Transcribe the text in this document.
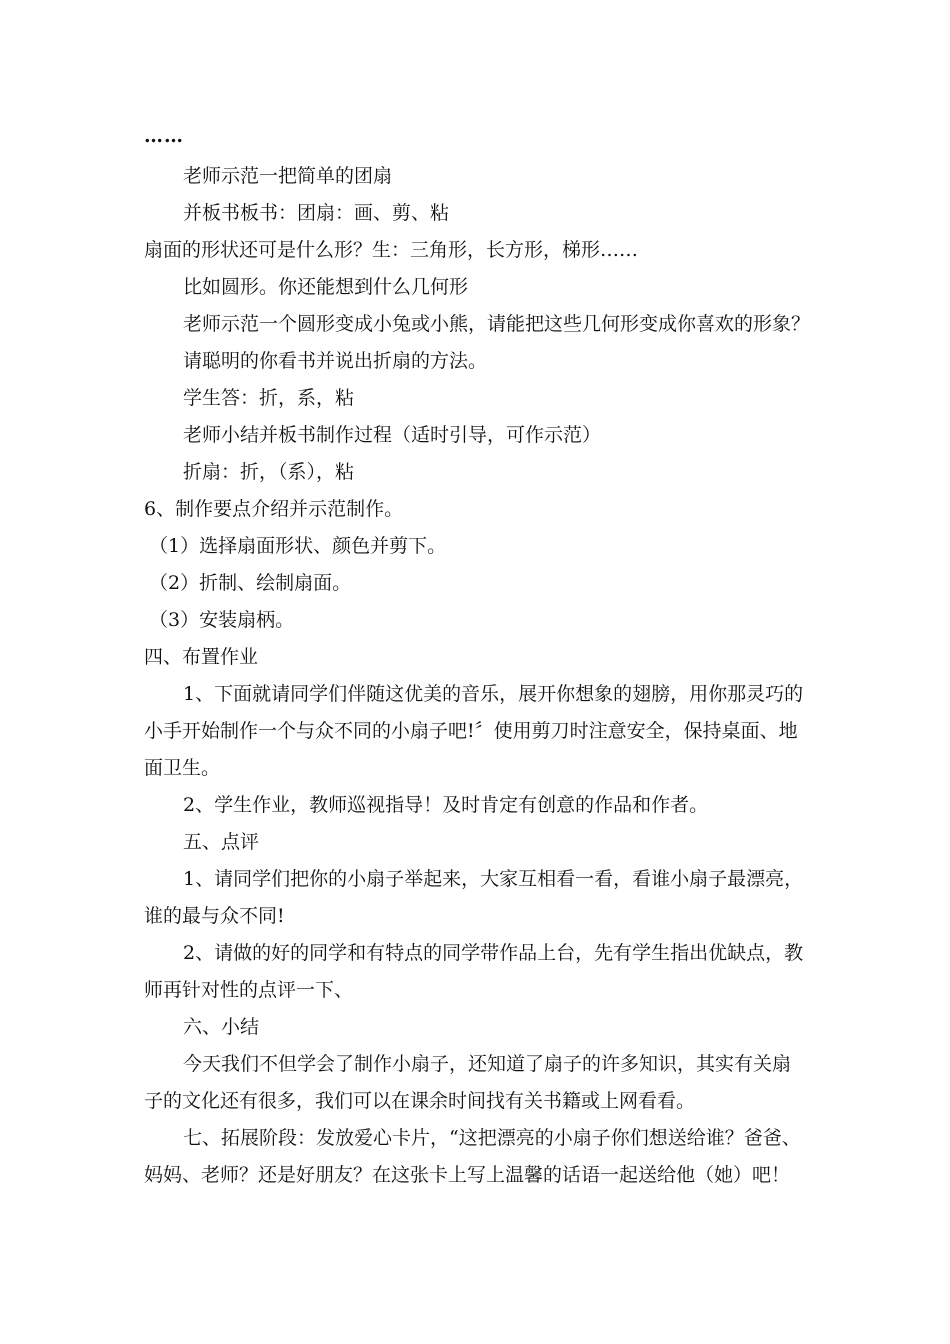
……
老师示范一把简单的团扇
并板书板书：团扇：画、剪、粘
扇面的形状还可是什么形？生：三角形，长方形，梯形……
比如圆形。你还能想到什么几何形
老师示范一个圆形变成小兔或小熊，请能把这些几何形变成你喜欢的形象？
请聪明的你看书并说出折扇的方法。
学生答：折，系，粘
老师小结并板书制作过程（适时引导，可作示范）
折扇：折，（系），粘
6、制作要点介绍并示范制作。
（1）选择扇面形状、颜色并剪下。
（2）折制、绘制扇面。
（3）安装扇柄。
四、布置作业
1、下面就请同学们伴随这优美的音乐，展开你想象的翅膀，用你那灵巧的
小手开始制作一个与众不同的小扇子吧!〞使用剪刀时注意安全，保持桌面、地
面卫生。
2、学生作业，教师巡视指导！及时肯定有创意的作品和作者。
五、点评
1、请同学们把你的小扇子举起来，大家互相看一看，看谁小扇子最漂亮，
谁的最与众不同!
2、请做的好的同学和有特点的同学带作品上台，先有学生指出优缺点，教
师再针对性的点评一下、
六、小结
今天我们不但学会了制作小扇子，还知道了扇子的许多知识，其实有关扇
子的文化还有很多，我们可以在课余时间找有关书籍或上网看看。
七、拓展阶段：发放爱心卡片，“这把漂亮的小扇子你们想送给谁？爸爸、
妈妈、老师？还是好朋友？在这张卡上写上温馨的话语一起送给他（她）吧！
